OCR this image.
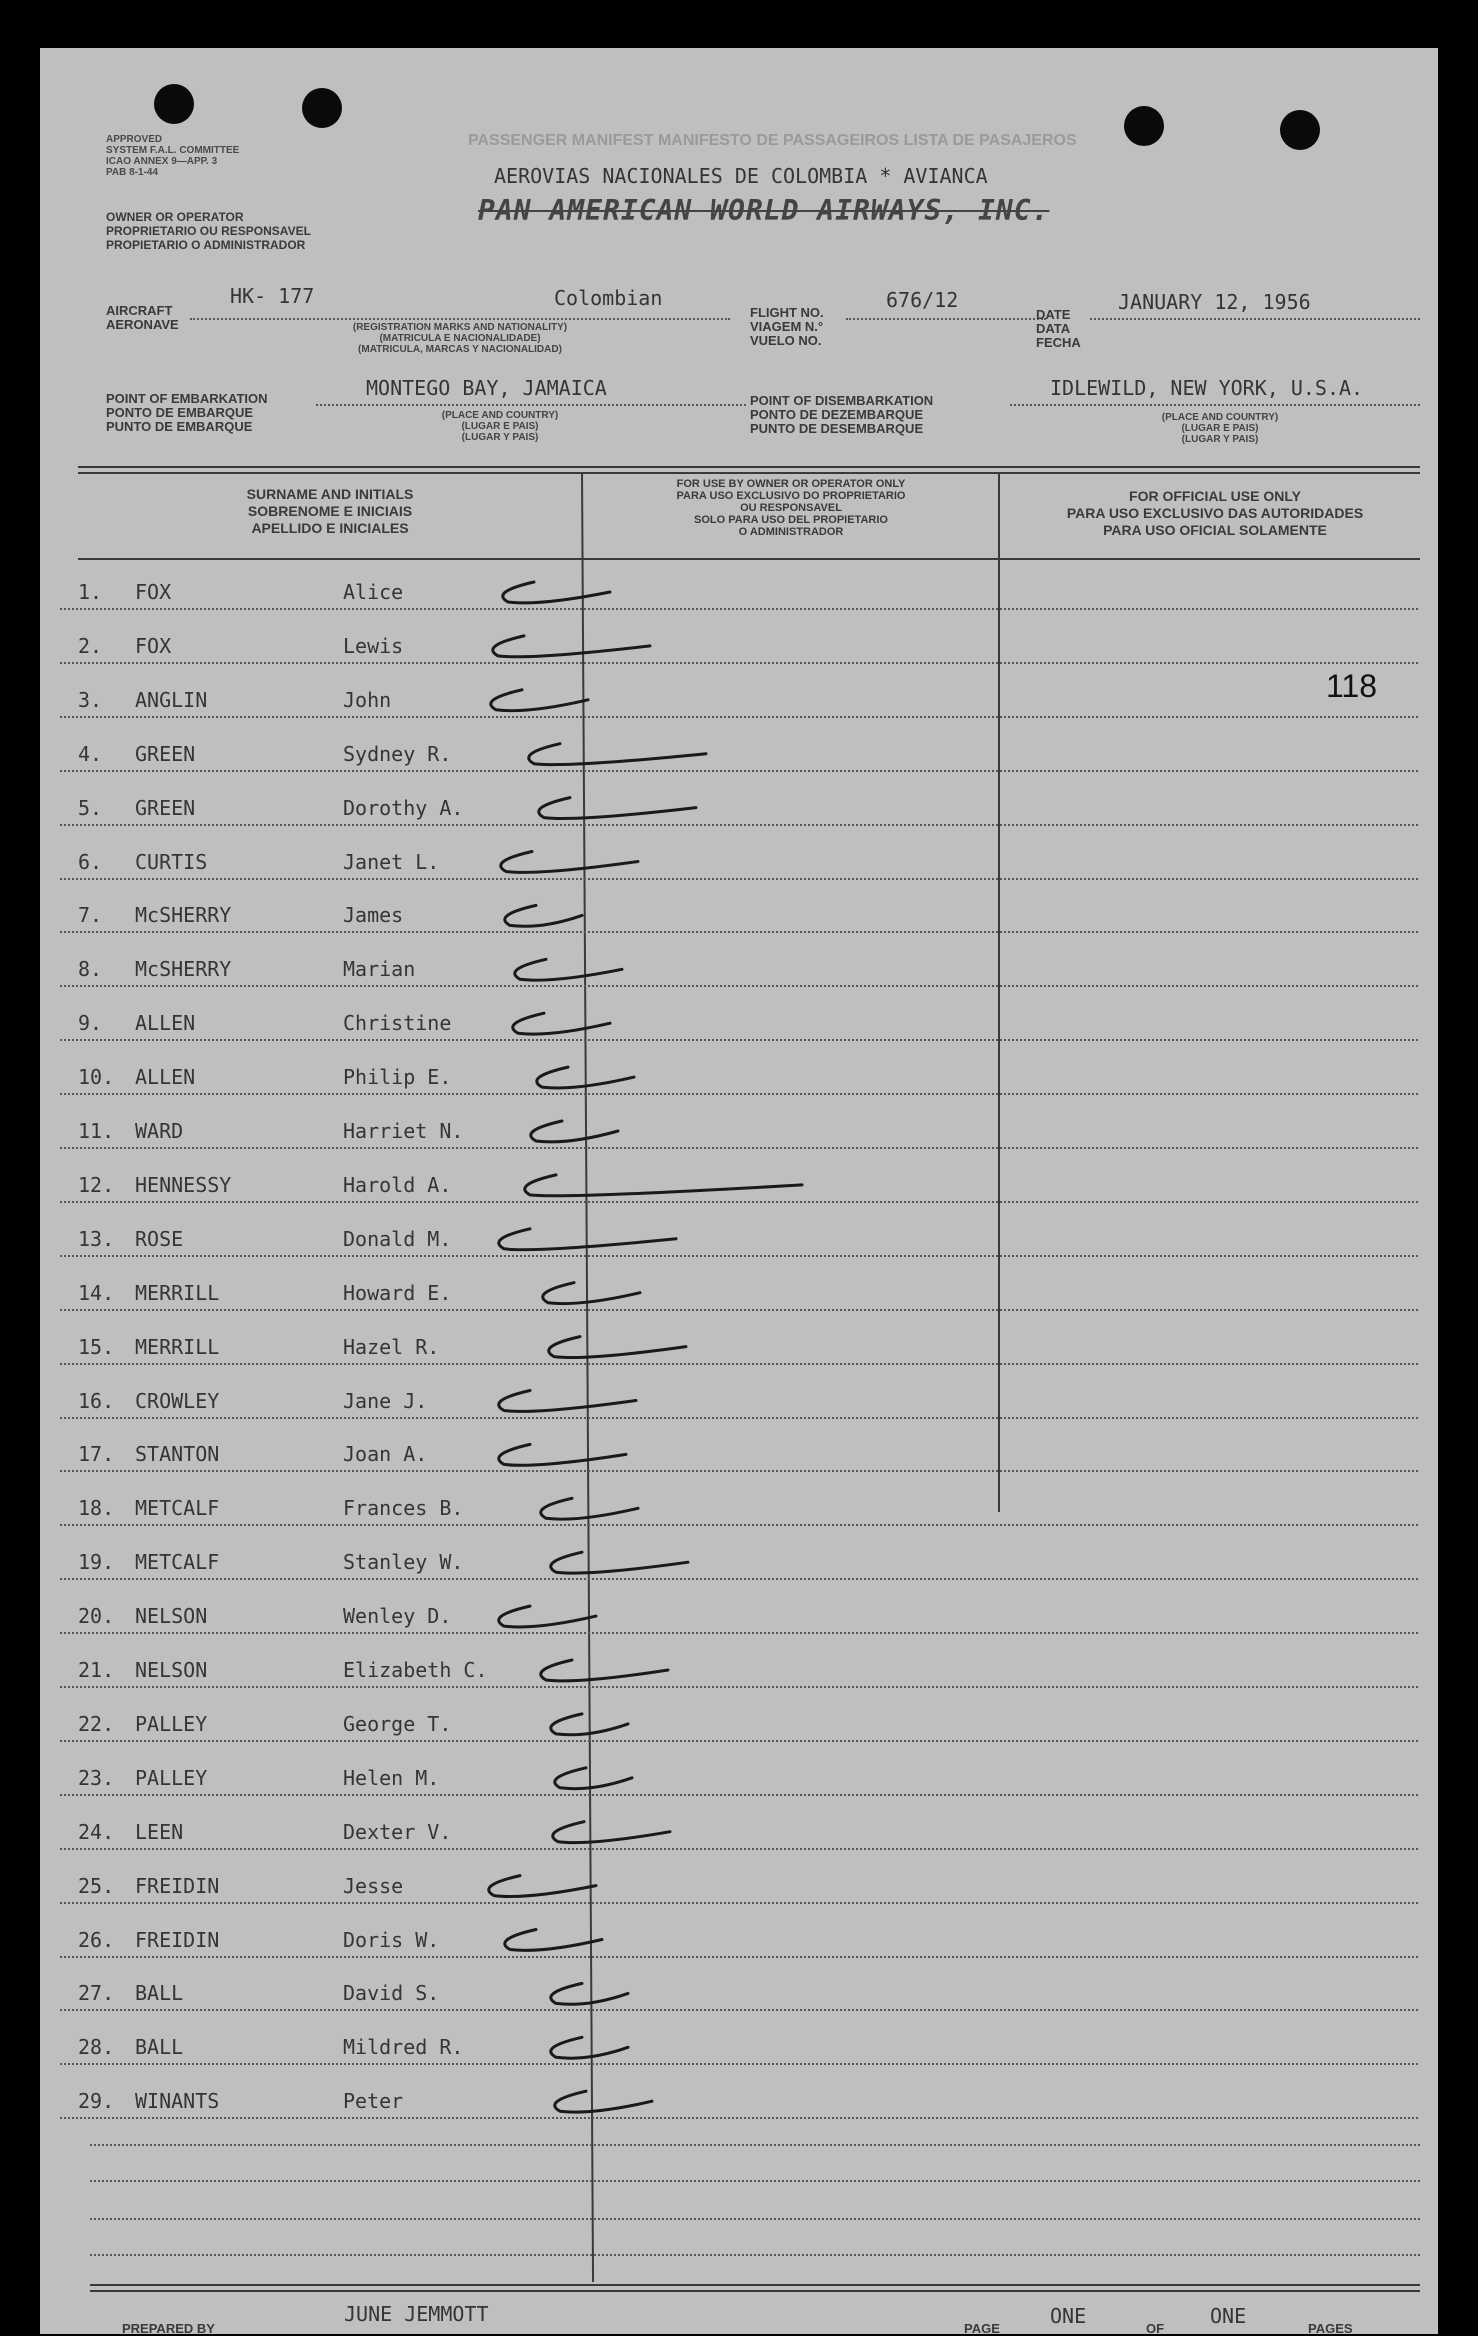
APPROVED
SYSTEM F.A.L. COMMITTEE
ICAO ANNEX 9—APP. 3
PAB 8-1-44
PASSENGER MANIFEST MANIFESTO DE PASSAGEIROS LISTA DE PASAJEROS
AEROVIAS NACIONALES DE COLOMBIA * AVIANCA
PAN AMERICAN WORLD AIRWAYS, INC.
OWNER OR OPERATOR
PROPRIETARIO OU RESPONSAVEL
PROPIETARIO O ADMINISTRADOR
AIRCRAFT
AERONAVE
HK- 177	Colombian
(REGISTRATION MARKS AND NATIONALITY)
(MATRICULA E NACIONALIDADE)
(MATRICULA, MARCAS Y NACIONALIDAD)
FLIGHT NO.
VIAGEM N.°
VUELO NO.
676/12
DATE
DATA
FECHA
JANUARY 12, 1956
POINT OF EMBARKATION
PONTO DE EMBARQUE
PUNTO DE EMBARQUE
MONTEGO BAY, JAMAICA
(PLACE AND COUNTRY)
(LUGAR E PAIS)
(LUGAR Y PAIS)
POINT OF DISEMBARKATION
PONTO DE DEZEMBARQUE
PUNTO DE DESEMBARQUE
IDLEWILD, NEW YORK, U.S.A.
(PLACE AND COUNTRY)
(LUGAR E PAIS)
(LUGAR Y PAIS)
SURNAME AND INITIALS
SOBRENOME E INICIAIS
APELLIDO E INICIALES
FOR USE BY OWNER OR OPERATOR ONLY
PARA USO EXCLUSIVO DO PROPRIETARIO
OU RESPONSAVEL
SOLO PARA USO DEL PROPIETARIO
O ADMINISTRADOR
FOR OFFICIAL USE ONLY
PARA USO EXCLUSIVO DAS AUTORIDADES
PARA USO OFICIAL SOLAMENTE
1. FOX	Alice
2. FOX	Lewis
3. ANGLIN	John
4. GREEN	Sydney R.
5. GREEN	Dorothy A.
6. CURTIS	Janet L.
7. McSHERRY	James
8. McSHERRY	Marian
9. ALLEN	Christine
10. ALLEN	Philip E.
11. WARD	Harriet N.
12. HENNESSY	Harold A.
13. ROSE	Donald M.
14. MERRILL	Howard E.
15. MERRILL	Hazel R.
16. CROWLEY	Jane J.
17. STANTON	Joan A.
18. METCALF	Frances B.
19. METCALF	Stanley W.
20. NELSON	Wenley D.
21. NELSON	Elizabeth C.
22. PALLEY	George T.
23. PALLEY	Helen M.
24. LEEN	Dexter V.
25. FREIDIN	Jesse
26. FREIDIN	Doris W.
27. BALL	David S.
28. BALL	Mildred R.
29. WINANTS	Peter
118
PREPARED BY
JUNE JEMMOTT
PAGE
ONE
OF
ONE
PAGES
